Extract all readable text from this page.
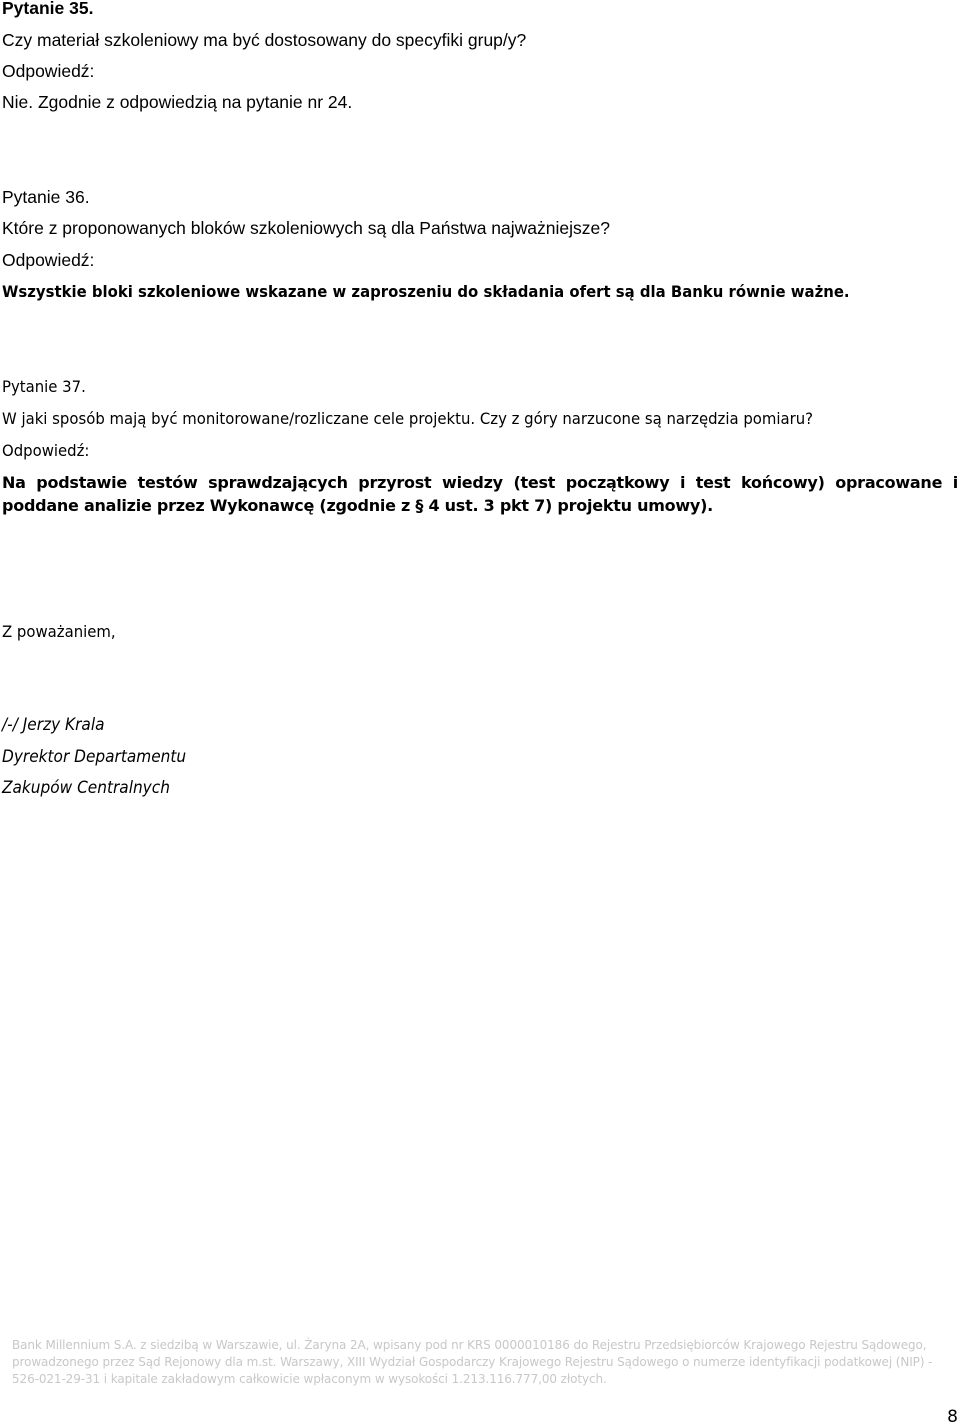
Pytanie 35.

Czy materiał szkoleniowy ma być dostosowany do specyfiki grup/y?

Odpowiedź:

Nie. Zgodnie z odpowiedzią na pytanie nr 24.

Pytanie 36.

Które z proponowanych bloków szkoleniowych są dla Państwa najważniejsze?

Odpowiedź:

Wszystkie bloki szkoleniowe wskazane w zaproszeniu do składania ofert są dla Banku równie ważne.

Pytanie 37.

W jaki sposób mają być monitorowane/rozliczane cele projektu. Czy z góry narzucone są narzędzia pomiaru?

Odpowiedź:

Na podstawie testów sprawdzających przyrost wiedzy (test początkowy i test końcowy) opracowane i poddane analizie przez Wykonawcę (zgodnie z § 4 ust. 3 pkt 7) projektu umowy).

Z poważaniem,

/-/ Jerzy Krala

Dyrektor Departamentu

Zakupów Centralnych

Bank Millennium S.A. z siedzibą w Warszawie, ul. Żaryna 2A, wpisany pod nr KRS 0000010186 do Rejestru Przedsiębiorców Krajowego Rejestru Sądowego,
prowadzonego przez Sąd Rejonowy dla m.st. Warszawy, XIII Wydział Gospodarczy Krajowego Rejestru Sądowego o numerze identyfikacji podatkowej (NIP) -
526-021-29-31 i kapitale zakładowym całkowicie wpłaconym w wysokości 1.213.116.777,00 złotych.

8
